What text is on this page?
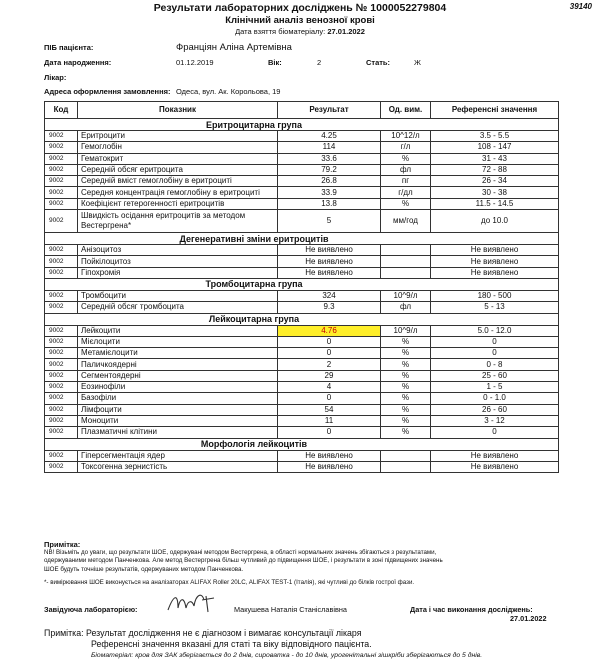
39140
Результати лабораторних досліджень № 1000052279804
Клінічний аналіз венозної крові
Дата взяття біоматеріалу: 27.01.2022
ПІБ пацієнта:	Франціян Аліна Артемівна
Дата народження:	01.12.2019	Вік:	2	Стать:	Ж
Лікар:
Адреса оформлення замовлення: Одеса, вул. Ак. Корольова, 19
Код	Показник	Результат	Од. вим.	Референсні значення
	Еритроцитарна група			
9002	Еритроцити	4.25	10^12/л	3.5 - 5.5
9002	Гемоглобін	114	г/л	108 - 147
9002	Гематокрит	33.6	%	31 - 43
9002	Середній обсяг еритроцита	79.2	фл	72 - 88
9002	Середній вміст гемоглобіну в еритроциті	26.8	пг	26 - 34
9002	Середня концентрація гемоглобіну в еритроциті	33.9	г/дл	30 - 38
9002	Коефіцієнт гетерогенності еритроцитів	13.8	%	11.5 - 14.5
9002	Швидкість осідання еритроцитів за методом Вестергрена*	5	мм/год	до 10.0
	Дегенеративні зміни еритроцитів			
9002	Анізоцитоз	Не виявлено		Не виявлено
9002	Пойкілоцитоз	Не виявлено		Не виявлено
9002	Гіпохромія	Не виявлено		Не виявлено
	Тромбоцитарна група			
9002	Тромбоцити	324	10^9/л	180 - 500
9002	Середній обсяг тромбоцита	9.3	фл	5 - 13
	Лейкоцитарна група			
9002	Лейкоцити	4.76	10^9/л	5.0 - 12.0
9002	Мієлоцити	0	%	0
9002	Метамієлоцити	0	%	0
9002	Паличкоядерні	2	%	0 - 8
9002	Сегментоядерні	29	%	25 - 60
9002	Еозинофіли	4	%	1 - 5
9002	Базофіли	0	%	0 - 1.0
9002	Лімфоцити	54	%	26 - 60
9002	Моноцити	11	%	3 - 12
9002	Плазматичні клітини	0	%	0
	Морфологія лейкоцитів			
9002	Гіперсегментація ядер	Не виявлено		Не виявлено
9002	Токсогенна зернистість	Не виявлено		Не виявлено
Примітка:
NB! Візьміть до уваги, що результати ШОЕ, одержувані методом Вестергрена, в області нормальних значень збігаються з результатами,
одержуваними методом Панченкова. Але метод Вестергрена більш чутливий до підвищення ШОЕ, і результати в зоні підвищених значень
ШОЕ будуть точніше результатів, одержуваних методом Панченкова.
*- вимірювання ШОЕ виконується на аналізаторах ALIFAX Roller 20LC, ALIFAX TEST-1 (Італія), які чутливі до білків гострої фази.
Завідуюча лабораторією:	Макушева Наталія Станіславівна	Дата і час виконання досліджень:
27.01.2022
Примітка: Результат дослідження не є діагнозом і вимагає консультації лікаря
Референсні значення вказані для статі та віку відповідного пацієнта.
Біоматеріал: кров для ЗАК зберігається до 2 днів, сироватка - до 10 днів, урогенітальні зішкріби зберігаються до 5 днів.
